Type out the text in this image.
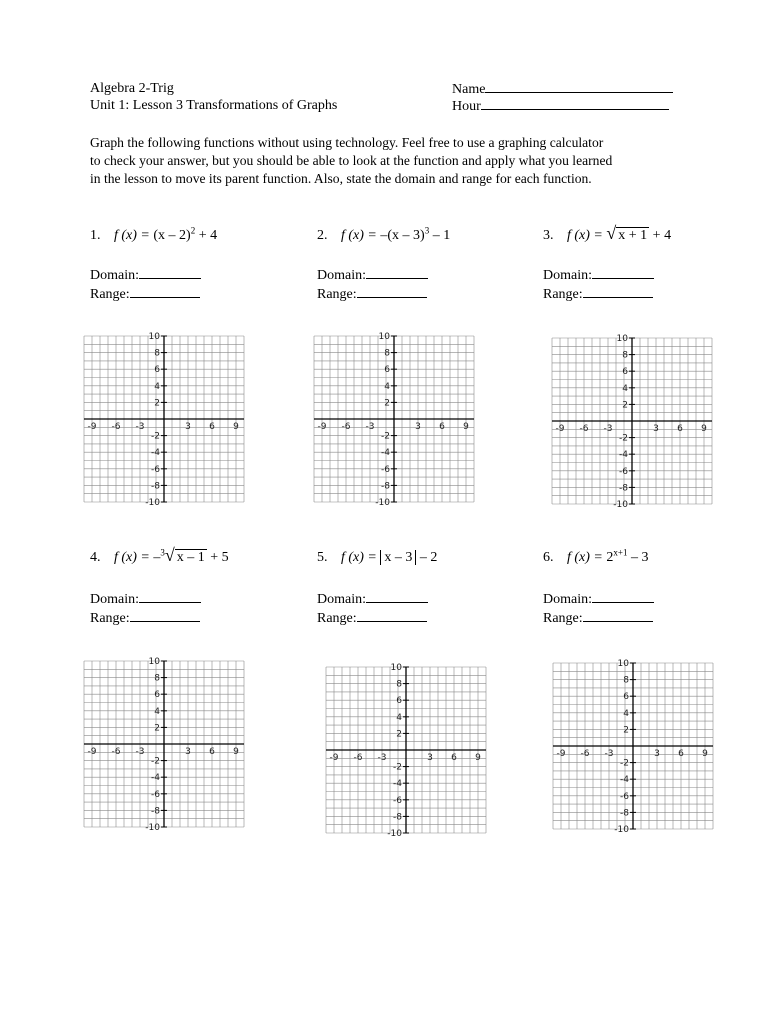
Algebra 2-Trig
Unit 1: Lesson 3 Transformations of Graphs
Name
Hour
Graph the following functions without using technology. Feel free to use a graphing calculator
to check your answer, but you should be able to look at the function and apply what you learned
in the lesson to move its parent function. Also, state the domain and range for each function.
1. f (x) = (x – 2)$^2$ + 4	2. f (x) = –(x – 3)$^3$ – 1	3. f (x) = √ x + 1 + 4
Domain:
Range:
Domain:
Range:
Domain:
Range:
4. f (x) = –$^3$√ x – 1 + 5	5. f (x) = x – 3 – 2	6. f $(x) = 2^{x+1} - 3$
Domain:
Range:
Domain:
Range:
Domain:
Range:
-9 -6 -3	3 6 9
10
8
6
4
2
-2
-4
-6
-8
-10
-9 -6 -3	3 6 9
10
8
6
4
2
-2
-4
-6
-8
-10
-9 -6 -3	3 6 9
10
8
6
4
2
-2
-4
-6
-8
-10
-9 -6 -3	3 6 9
10
8
6
4
2
-2
-4
-6
-8
-10
-9 -6 -3	3 6 9
10
8
6
4
2
-2
-4
-6
-8
-10
-9 -6 -3	3 6 9
10
8
6
4
2
-2
-4
-6
-8
-10
